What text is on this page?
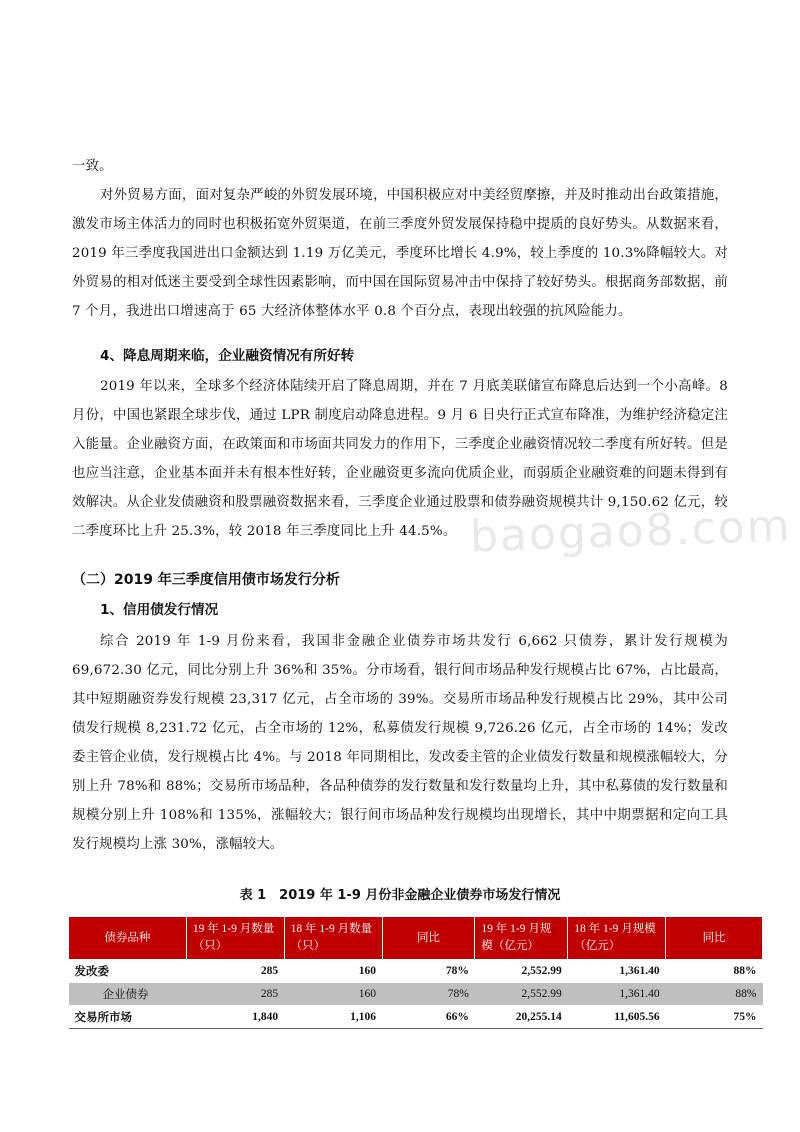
一致。
对外贸易方面，面对复杂严峻的外贸发展环境，中国积极应对中美经贸摩擦，并及时推动出台政策措施，激发市场主体活力的同时也积极拓宽外贸渠道，在前三季度外贸发展保持稳中提质的良好势头。从数据来看，2019 年三季度我国进出口金额达到 1.19 万亿美元，季度环比增长 4.9%，较上季度的 10.3%降幅较大。对外贸易的相对低迷主要受到全球性因素影响，而中国在国际贸易冲击中保持了较好势头。根据商务部数据，前 7 个月，我进出口增速高于 65 大经济体整体水平 0.8 个百分点，表现出较强的抗风险能力。
4、降息周期来临，企业融资情况有所好转
2019 年以来，全球多个经济体陆续开启了降息周期，并在 7 月底美联储宣布降息后达到一个小高峰。8 月份，中国也紧跟全球步伐，通过 LPR 制度启动降息进程。9 月 6 日央行正式宣布降准，为维护经济稳定注入能量。企业融资方面，在政策面和市场面共同发力的作用下，三季度企业融资情况较二季度有所好转。但是也应当注意，企业基本面并未有根本性好转，企业融资更多流向优质企业，而弱质企业融资难的问题未得到有效解决。从企业发债融资和股票融资数据来看，三季度企业通过股票和债券融资规模共计 9,150.62 亿元，较二季度环比上升 25.3%，较 2018 年三季度同比上升 44.5%。
（二）2019 年三季度信用债市场发行分析
1、信用债发行情况
综合 2019 年 1-9 月份来看，我国非金融企业债券市场共发行 6,662 只债券，累计发行规模为 69,672.30 亿元，同比分别上升 36%和 35%。分市场看，银行间市场品种发行规模占比 67%，占比最高，其中短期融资券发行规模 23,317 亿元，占全市场的 39%。交易所市场品种发行规模占比 29%，其中公司债发行规模 8,231.72 亿元，占全市场的 12%，私募债发行规模 9,726.26 亿元，占全市场的 14%；发改委主管企业债，发行规模占比 4%。与 2018 年同期相比，发改委主管的企业债发行数量和规模涨幅较大，分别上升 78%和 88%；交易所市场品种，各品种债券的发行数量和发行数量均上升，其中私募债的发行数量和规模分别上升 108%和 135%，涨幅较大；银行间市场品种发行规模均出现增长，其中中期票据和定向工具发行规模均上涨 30%，涨幅较大。
baogao8.com
表 1　2019 年 1-9 月份非金融企业债券市场发行情况
债券品种	19 年 1-9 月数量（只）	18 年 1-9 月数量（只）	同比	19 年 1-9 月规模（亿元）	18 年 1-9 月规模（亿元）	同比
发改委	285	160	78%	2,552.99	1,361.40	88%
企业债券	285	160	78%	2,552.99	1,361.40	88%
交易所市场	1,840	1,106	66%	20,255.14	11,605.56	75%
